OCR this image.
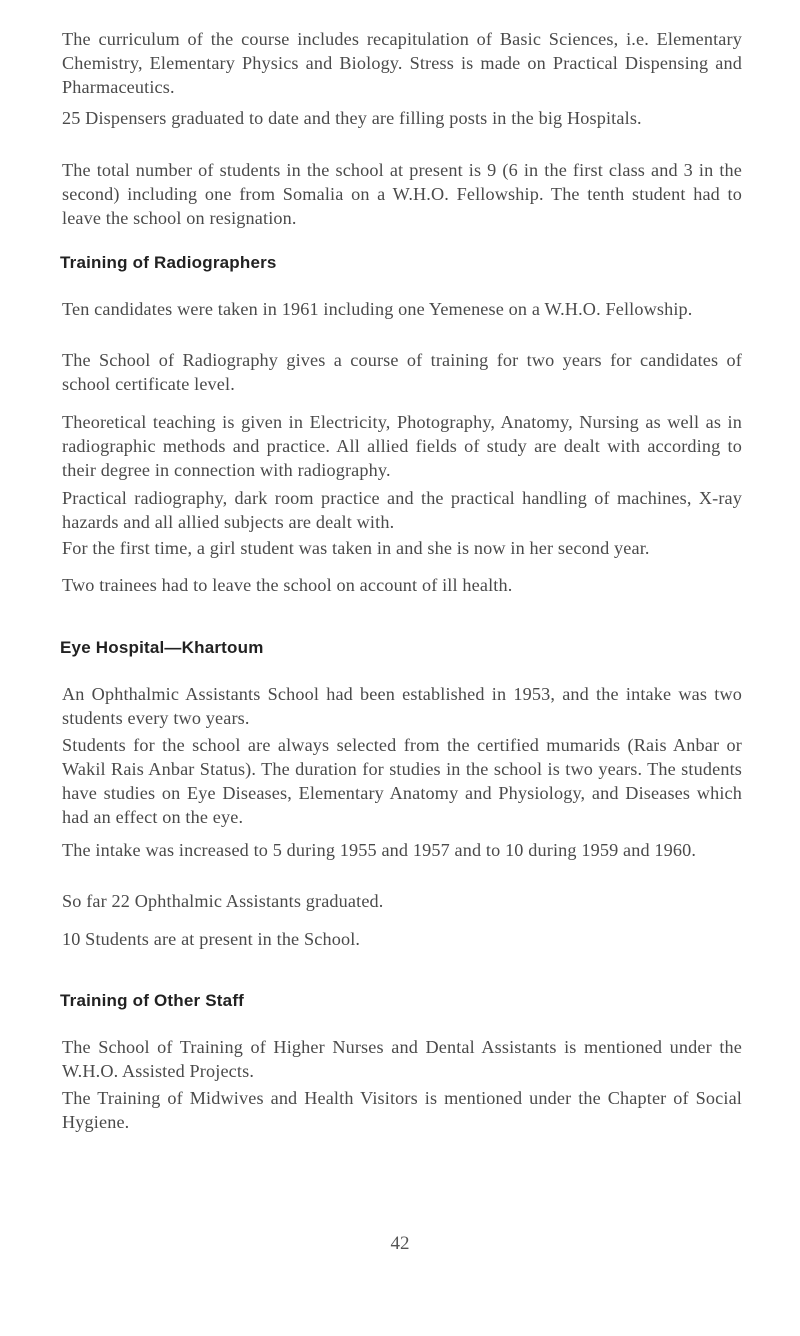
The curriculum of the course includes recapitulation of Basic Sciences, i.e. Elementary Chemistry, Elementary Physics and Biology. Stress is made on Practical Dispensing and Pharmaceutics.

25 Dispensers graduated to date and they are filling posts in the big Hospitals.

The total number of students in the school at present is 9 (6 in the first class and 3 in the second) including one from Somalia on a W.H.O. Fellowship. The tenth student had to leave the school on resignation.

Training of Radiographers

Ten candidates were taken in 1961 including one Yemenese on a W.H.O. Fellowship.

The School of Radiography gives a course of training for two years for candidates of school certificate level.

Theoretical teaching is given in Electricity, Photography, Anatomy, Nursing as well as in radiographic methods and practice. All allied fields of study are dealt with according to their degree in connection with radiography.

Practical radiography, dark room practice and the practical handling of machines, X-ray hazards and all allied subjects are dealt with.

For the first time, a girl student was taken in and she is now in her second year.

Two trainees had to leave the school on account of ill health.

Eye Hospital—Khartoum

An Ophthalmic Assistants School had been established in 1953, and the intake was two students every two years.

Students for the school are always selected from the certified mumarids (Rais Anbar or Wakil Rais Anbar Status). The duration for studies in the school is two years. The students have studies on Eye Diseases, Elementary Anatomy and Physiology, and Diseases which had an effect on the eye.

The intake was increased to 5 during 1955 and 1957 and to 10 during 1959 and 1960.

So far 22 Ophthalmic Assistants graduated.

10 Students are at present in the School.

Training of Other Staff

The School of Training of Higher Nurses and Dental Assistants is mentioned under the W.H.O. Assisted Projects.

The Training of Midwives and Health Visitors is mentioned under the Chapter of Social Hygiene.

42
